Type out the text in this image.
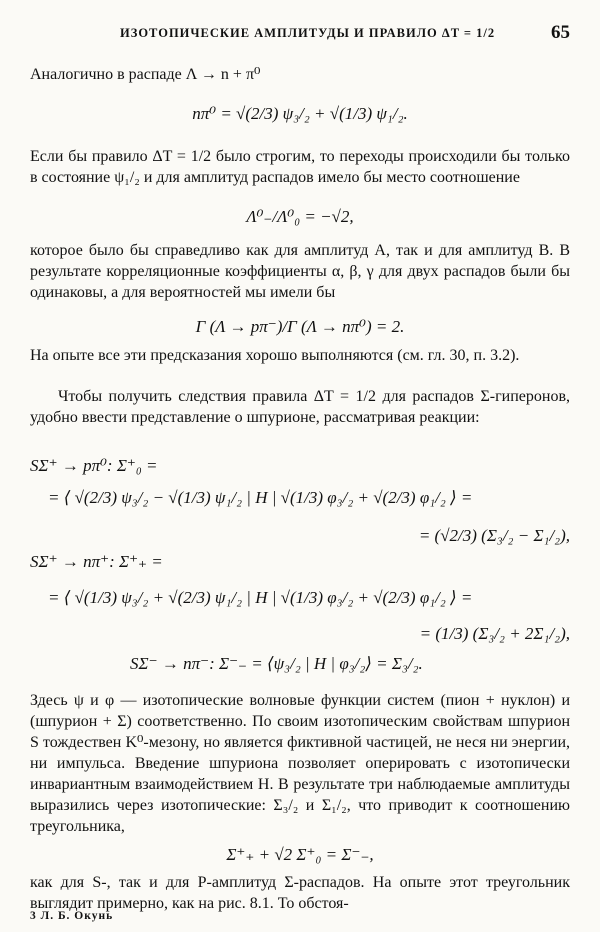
ИЗОТОПИЧЕСКИЕ АМПЛИТУДЫ И ПРАВИЛО ΔT = 1/2	65
Аналогично в распаде Λ → n + π⁰
nπ⁰ = √(2/3) ψ₃/₂ + √(1/3) ψ₁/₂.
Если бы правило ΔT = 1/2 было строгим, то переходы происходили бы только в состояние ψ₁/₂ и для амплитуд распадов имело бы место соотношение
Λ⁰₋/Λ⁰₀ = −√2,
которое было бы справедливо как для амплитуд A, так и для амплитуд B. В результате корреляционные коэффициенты α, β, γ для двух распадов были бы одинаковы, а для вероятностей мы имели бы
Γ (Λ → pπ⁻)/Γ (Λ → nπ⁰) = 2.
На опыте все эти предсказания хорошо выполняются (см. гл. 30, п. 3.2).
Чтобы получить следствия правила ΔT = 1/2 для распадов Σ-гиперонов, удобно ввести представление о шпурионе, рассматривая реакции:
SΣ⁺ → pπ⁰: Σ⁺₀ =
= ⟨ √(2/3) ψ₃/₂ − √(1/3) ψ₁/₂ | H | √(1/3) φ₃/₂ + √(2/3) φ₁/₂ ⟩ =
= (√2/3) (Σ₃/₂ − Σ₁/₂),
SΣ⁺ → nπ⁺: Σ⁺₊ =
= ⟨ √(1/3) ψ₃/₂ + √(2/3) ψ₁/₂ | H | √(1/3) φ₃/₂ + √(2/3) φ₁/₂ ⟩ =
= (1/3) (Σ₃/₂ + 2Σ₁/₂),
SΣ⁻ → nπ⁻: Σ⁻₋ = ⟨ψ₃/₂ | H | φ₃/₂⟩ = Σ₃/₂.
Здесь ψ и φ — изотопические волновые функции систем (пион + нуклон) и (шпурион + Σ) соответственно. По своим изотопическим свойствам шпурион S тождествен K⁰-мезону, но является фиктивной частицей, не неся ни энергии, ни импульса. Введение шпуриона позволяет оперировать с изотопически инвариантным взаимодействием H. В результате три наблюдаемые амплитуды выразились через изотопические: Σ₃/₂ и Σ₁/₂, что приводит к соотношению треугольника,
Σ⁺₊ + √2 Σ⁺₀ = Σ⁻₋,
как для S-, так и для P-амплитуд Σ-распадов. На опыте этот треугольник выглядит примерно, как на рис. 8.1. То обстоя-
3 Л. Б. Окунь
